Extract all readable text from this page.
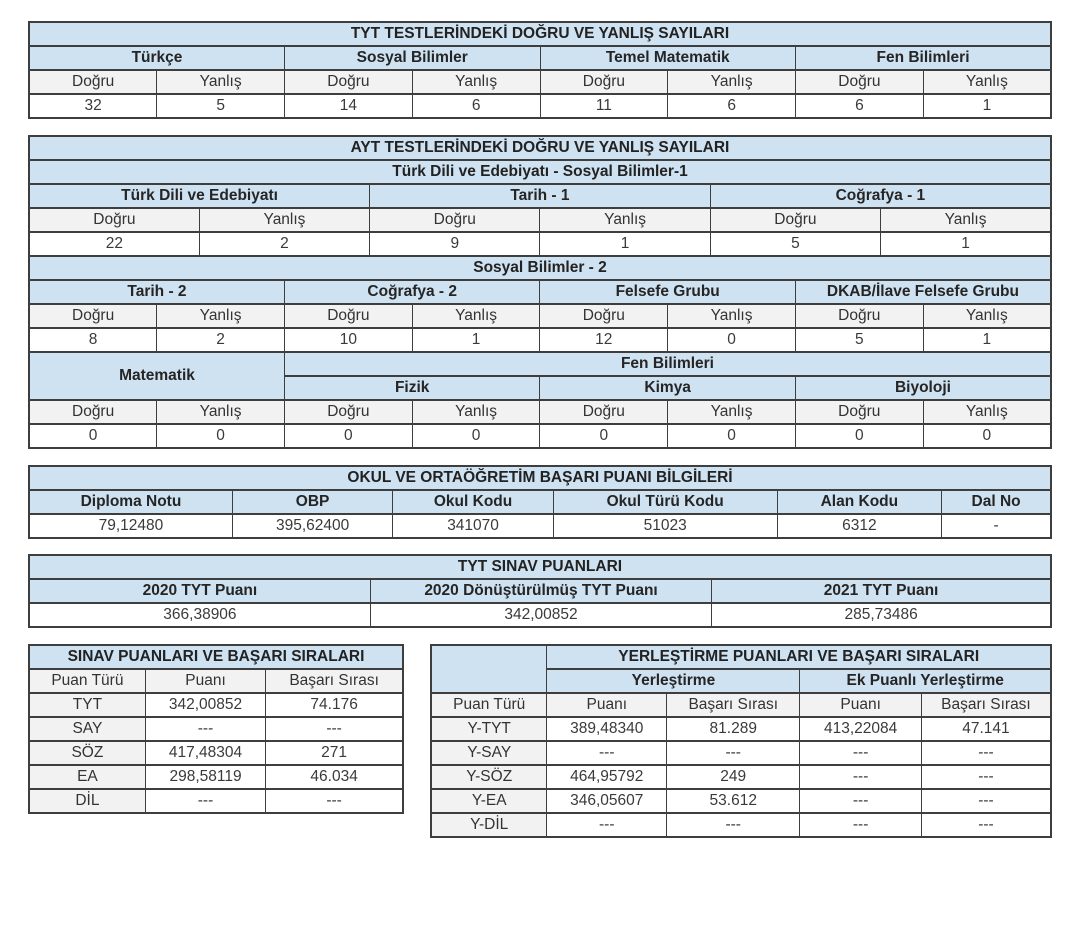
TYT TESTLERİNDEKİ DOĞRU VE YANLIŞ SAYILARI							
Türkçe		Sosyal Bilimler		Temel Matematik		Fen Bilimleri	
Doğru	Yanlış	Doğru	Yanlış	Doğru	Yanlış	Doğru	Yanlış
32	5	14	6	11	6	6	1
AYT TESTLERİNDEKİ DOĞRU VE YANLIŞ SAYILARI											
Türk Dili ve Edebiyatı - Sosyal Bilimler-1											
Türk Dili ve Edebiyatı				Tarih - 1				Coğrafya - 1			
Doğru		Yanlış		Doğru		Yanlış		Doğru		Yanlış	
22		2		9		1		5		1	
Sosyal Bilimler - 2											
Tarih - 2			Coğrafya - 2			Felsefe Grubu			DKAB/İlave Felsefe Grubu		
Doğru	Yanlış		Doğru		Yanlış	Doğru	Yanlış		Doğru		Yanlış
8	2		10		1	12	0		5		1
Matematik			Fen Bilimleri								
			Fizik			Kimya			Biyoloji		
Doğru	Yanlış		Doğru		Yanlış	Doğru	Yanlış		Doğru		Yanlış
0	0		0		0	0	0		0		0
OKUL VE ORTAÖĞRETİM BAŞARI PUANI BİLGİLERİ					
Diploma Notu	OBP	Okul Kodu	Okul Türü Kodu	Alan Kodu	Dal No
79,12480	395,62400	341070	51023	6312	-
TYT SINAV PUANLARI		
2020 TYT Puanı	2020 Dönüştürülmüş TYT Puanı	2021 TYT Puanı
366,38906	342,00852	285,73486
SINAV PUANLARI VE BAŞARI SIRALARI		
Puan Türü	Puanı	Başarı Sırası
TYT	342,00852	74.176
SAY	---	---
SÖZ	417,48304	271
EA	298,58119	46.034
DİL	---	---
	YERLEŞTİRME PUANLARI VE BAŞARI SIRALARI			
	Yerleştirme		Ek Puanlı Yerleştirme	
Puan Türü	Puanı	Başarı Sırası	Puanı	Başarı Sırası
Y-TYT	389,48340	81.289	413,22084	47.141
Y-SAY	---	---	---	---
Y-SÖZ	464,95792	249	---	---
Y-EA	346,05607	53.612	---	---
Y-DİL	---	---	---	---
